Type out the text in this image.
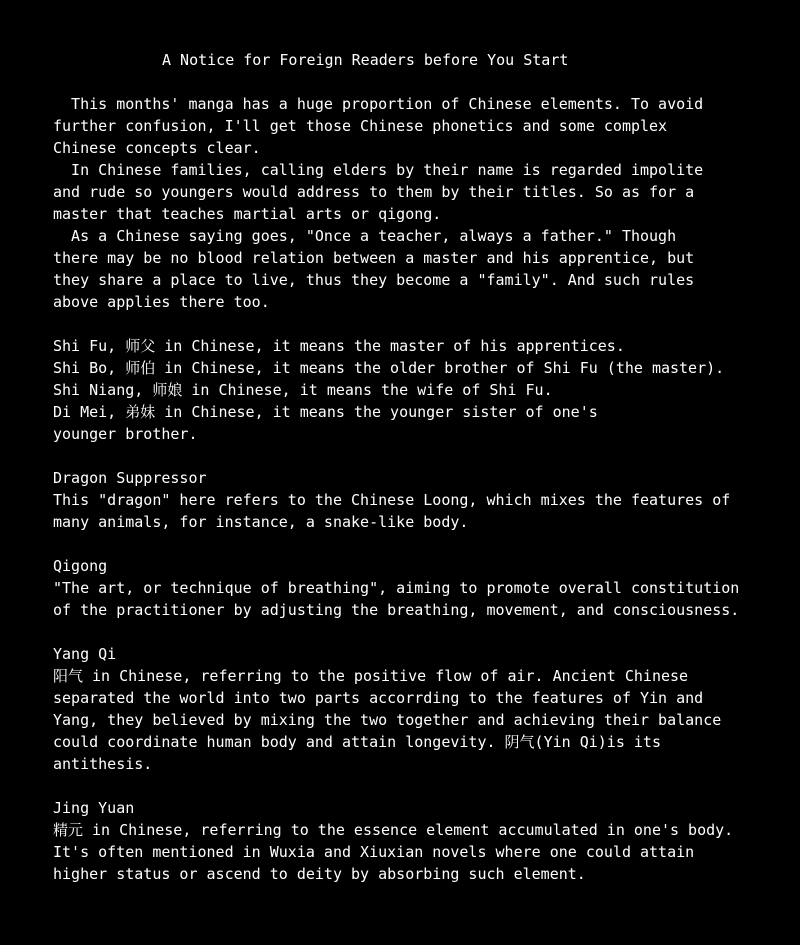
A Notice for Foreign Readers before You Start
This months' manga has a huge proportion of Chinese elements. To avoid
further confusion, I'll get those Chinese phonetics and some complex
Chinese concepts clear.
In Chinese families, calling elders by their name is regarded impolite
and rude so youngers would address to them by their titles. So as for a
master that teaches martial arts or qigong.
As a Chinese saying goes, "Once a teacher, always a father." Though
there may be no blood relation between a master and his apprentice, but
they share a place to live, thus they become a "family". And such rules
above applies there too.
Shi Fu, 师父 in Chinese, it means the master of his apprentices.
Shi Bo, 师伯 in Chinese, it means the older brother of Shi Fu (the master).
Shi Niang, 师娘 in Chinese, it means the wife of Shi Fu.
Di Mei, 弟妹 in Chinese, it means the younger sister of one's
younger brother.
Dragon Suppressor
This "dragon" here refers to the Chinese Loong, which mixes the features of
many animals, for instance, a snake-like body.
Qigong
"The art, or technique of breathing", aiming to promote overall constitution
of the practitioner by adjusting the breathing, movement, and consciousness.
Yang Qi
阳气 in Chinese, referring to the positive flow of air. Ancient Chinese
separated the world into two parts accorrding to the features of Yin and
Yang, they believed by mixing the two together and achieving their balance
could coordinate human body and attain longevity. 阴气(Yin Qi)is its
antithesis.
Jing Yuan
精元 in Chinese, referring to the essence element accumulated in one's body.
It's often mentioned in Wuxia and Xiuxian novels where one could attain
higher status or ascend to deity by absorbing such element.
